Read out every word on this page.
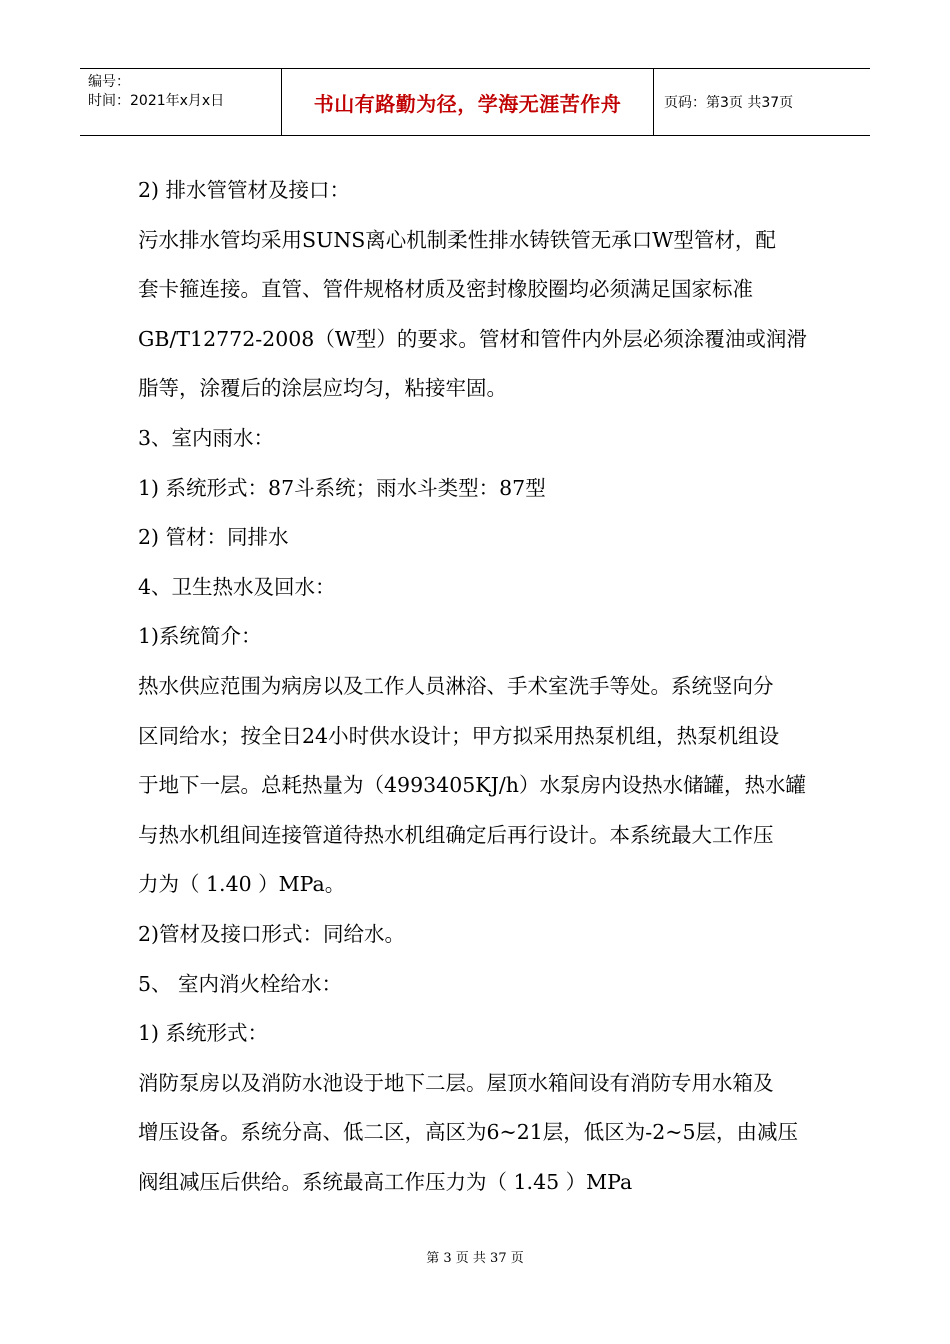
编号：
时间：2021年x月x日	书山有路勤为径，学海无涯苦作舟	页码：第3页 共37页
2) 排水管管材及接口：
污水排水管均采用SUNS离心机制柔性排水铸铁管无承口W型管材，配
套卡箍连接。直管、管件规格材质及密封橡胶圈均必须满足国家标准
GB/T12772-2008（W型）的要求。管材和管件内外层必须涂覆油或润滑
脂等，涂覆后的涂层应均匀，粘接牢固。
3、室内雨水：
1) 系统形式：87斗系统；雨水斗类型：87型
2) 管材：同排水
4、卫生热水及回水：
1)系统简介：
热水供应范围为病房以及工作人员淋浴、手术室洗手等处。系统竖向分
区同给水；按全日24小时供水设计；甲方拟采用热泵机组，热泵机组设
于地下一层。总耗热量为（4993405KJ/h）水泵房内设热水储罐，热水罐
与热水机组间连接管道待热水机组确定后再行设计。本系统最大工作压
力为（ 1.40 ）MPa。
2)管材及接口形式：同给水。
5、 室内消火栓给水：
1) 系统形式：
消防泵房以及消防水池设于地下二层。屋顶水箱间设有消防专用水箱及
增压设备。系统分高、低二区，高区为6~21层，低区为-2~5层，由减压
阀组减压后供给。系统最高工作压力为（ 1.45 ）MPa
第 3 页 共 37 页
